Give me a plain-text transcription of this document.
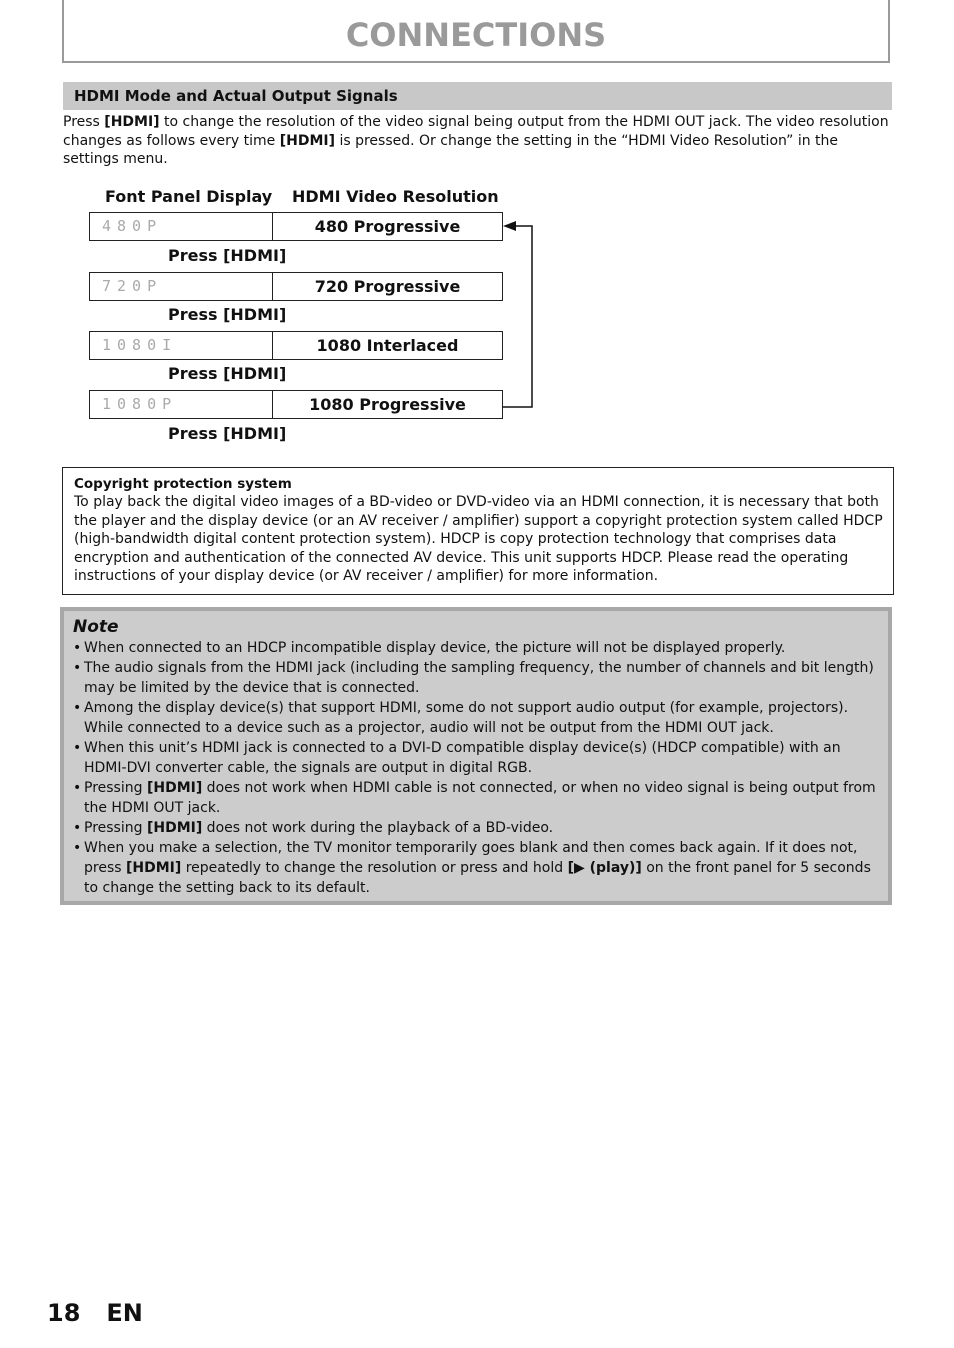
CONNECTIONS
HDMI Mode and Actual Output Signals
Press [HDMI] to change the resolution of the video signal being output from the HDMI OUT jack. The video resolution changes as follows every time [HDMI] is pressed. Or change the setting in the “HDMI Video Resolution” in the settings menu.
Font Panel Display HDMI Video Resolution
480P	480 Progressive
Press [HDMI]
720P	720 Progressive
Press [HDMI]
1080I	1080 Interlaced
Press [HDMI]
1080P	1080 Progressive
Press [HDMI]
Copyright protection system
To play back the digital video images of a BD-video or DVD-video via an HDMI connection, it is necessary that both the player and the display device (or an AV receiver / amplifier) support a copyright protection system called HDCP (high-bandwidth digital content protection system). HDCP is copy protection technology that comprises data encryption and authentication of the connected AV device. This unit supports HDCP. Please read the operating instructions of your display device (or AV receiver / amplifier) for more information.
Note
• When connected to an HDCP incompatible display device, the picture will not be displayed properly.
• The audio signals from the HDMI jack (including the sampling frequency, the number of channels and bit length) may be limited by the device that is connected.
• Among the display device(s) that support HDMI, some do not support audio output (for example, projectors). While connected to a device such as a projector, audio will not be output from the HDMI OUT jack.
• When this unit’s HDMI jack is connected to a DVI-D compatible display device(s) (HDCP compatible) with an HDMI-DVI converter cable, the signals are output in digital RGB.
• Pressing [HDMI] does not work when HDMI cable is not connected, or when no video signal is being output from the HDMI OUT jack.
• Pressing [HDMI] does not work during the playback of a BD-video.
• When you make a selection, the TV monitor temporarily goes blank and then comes back again. If it does not, press [HDMI] repeatedly to change the resolution or press and hold [▶ (play)] on the front panel for 5 seconds to change the setting back to its default.
18 EN
